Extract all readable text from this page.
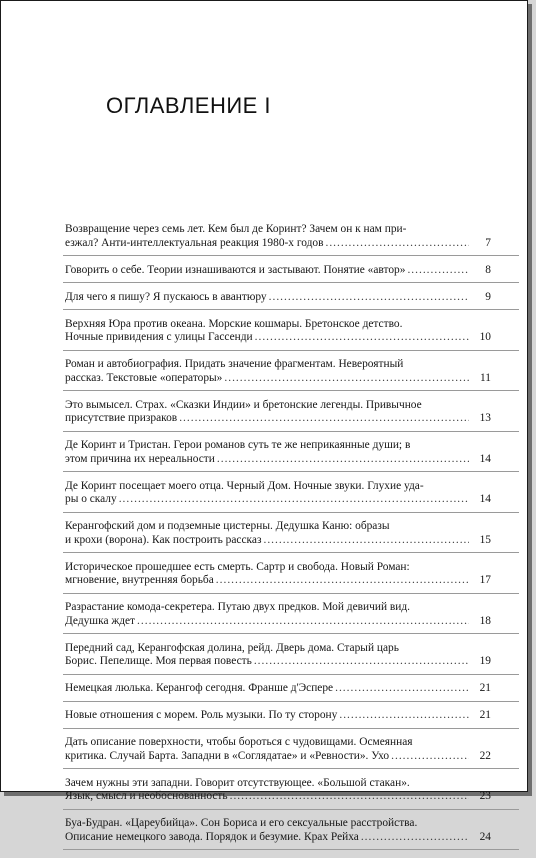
ОГЛАВЛЕНИЕ I
Возвращение через семь лет. Кем был де Коринт? Зачем он к нам при-
езжал? Анти-интеллектуальная реакция 1980-х годов .....	7
Говорить о себе. Теории изнашиваются и застывают. Понятие «автор» .....	8
Для чего я пишу? Я пускаюсь в авантюру .....	9
Верхняя Юра против океана. Морские кошмары. Бретонское детство.
Ночные привидения с улицы Гассенди .....	10
Роман и автобиография. Придать значение фрагментам. Невероятный
рассказ. Текстовые «операторы» .....	11
Это вымысел. Страх. «Сказки Индии» и бретонские легенды. Привычное
присутствие призраков .....	13
Де Коринт и Тристан. Герои романов суть те же неприкаянные души; в
этом причина их нереальности .....	14
Де Коринт посещает моего отца. Черный Дом. Ночные звуки. Глухие уда-
ры о скалу .....	14
Керангофский дом и подземные цистерны. Дедушка Каню: образы
и крохи (ворона). Как построить рассказ .....	15
Историческое прошедшее есть смерть. Сартр и свобода. Новый Роман:
мгновение, внутренняя борьба .....	17
Разрастание комода-секретера. Путаю двух предков. Мой девичий вид.
Дедушка ждет .....	18
Передний сад, Керангофская долина, рейд. Дверь дома. Старый царь
Борис. Пепелище. Моя первая повесть .....	19
Немецкая люлька. Керангоф сегодня. Франше д'Эспере .....	21
Новые отношения с морем. Роль музыки. По ту сторону .....	21
Дать описание поверхности, чтобы бороться с чудовищами. Осмеянная
критика. Случай Барта. Западни в «Соглядатае» и «Ревности». Ухо .....	22
Зачем нужны эти западни. Говорит отсутствующее. «Большой стакан».
Язык, смысл и необоснованность .....	23
Буа-Будран. «Цареубийца». Сон Бориса и его сексуальные расстройства.
Описание немецкого завода. Порядок и безумие. Крах Рейха .....	24
